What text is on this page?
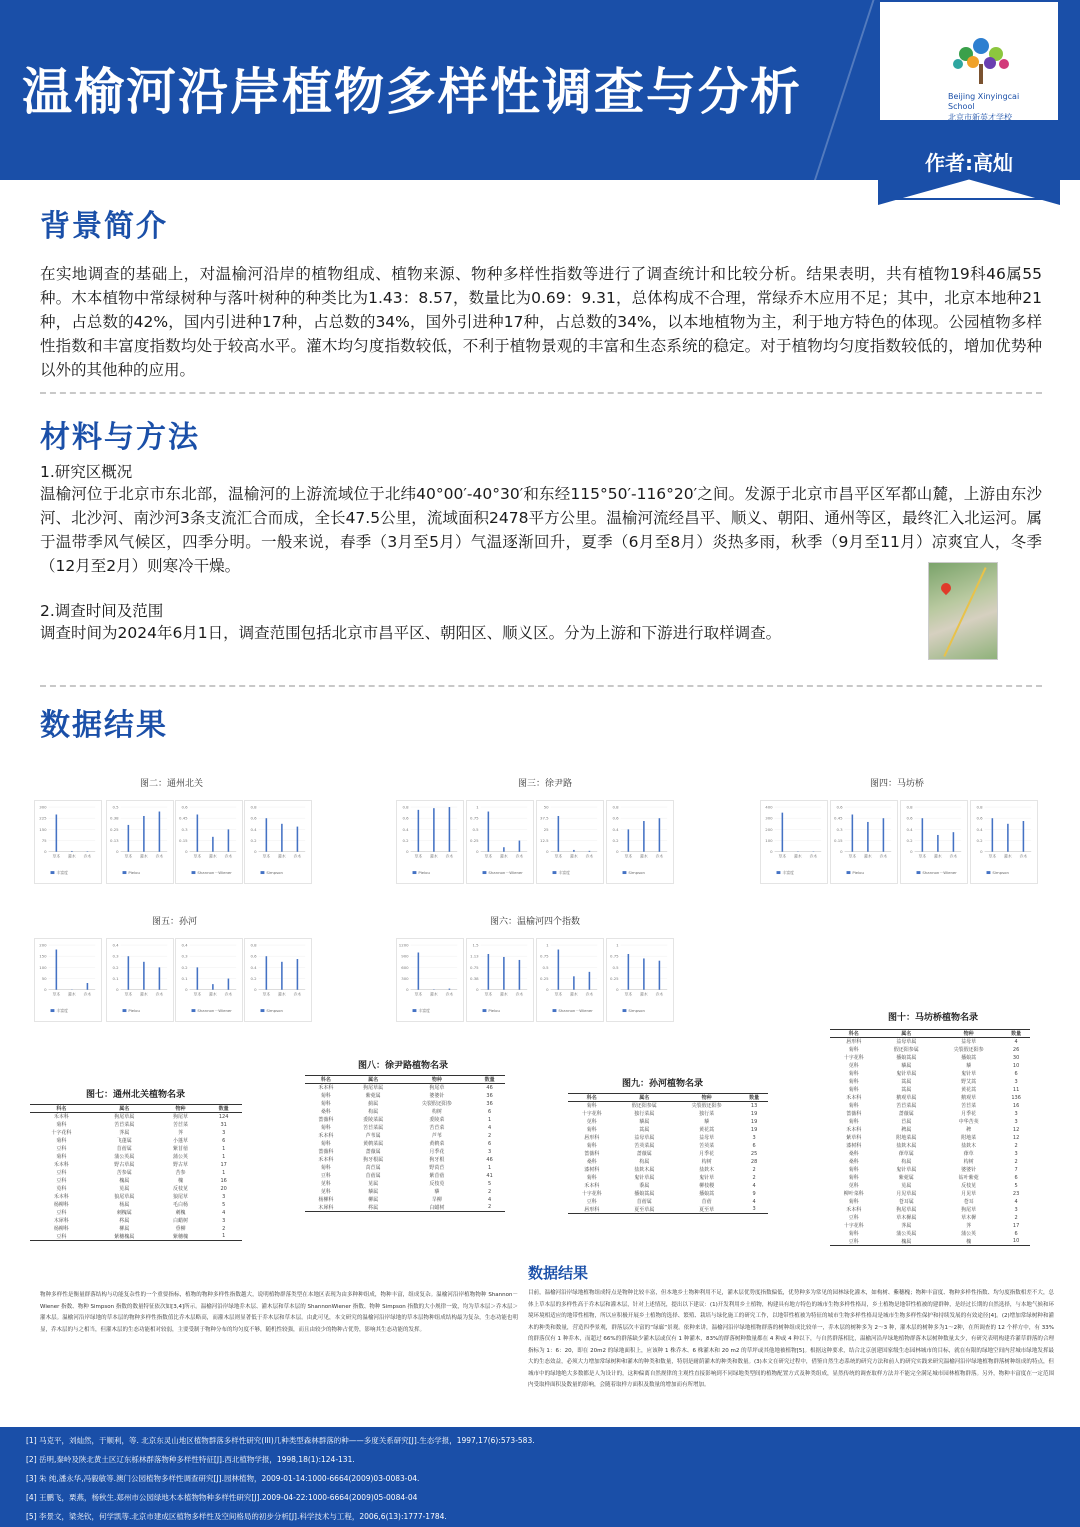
温榆河沿岸植物多样性调查与分析	Beijing Xinyingcai School
北京市新英才学校
作者:高灿
背景简介
在实地调查的基础上，对温榆河沿岸的植物组成、植物来源、物种多样性指数等进行了调查统计和比较分析。结果表明，共有植物19科46属55种。木本植物中常绿树种与落叶树种的种类比为1.43：8.57，数量比为0.69：9.31，总体构成不合理，常绿乔木应用不足；其中，北京本地种21种，占总数的42%，国内引进种17种，占总数的34%，国外引进种17种，占总数的34%，以本地植物为主，利于地方特色的体现。公园植物多样性指数和丰富度指数均处于较高水平。灌木均匀度指数较低，不利于植物景观的丰富和生态系统的稳定。对于植物均匀度指数较低的，增加优势种以外的其他种的应用。
材料与方法
1.研究区概况
温榆河位于北京市东北部，温榆河的上游流域位于北纬40°00′-40°30′和东经115°50′-116°20′之间。发源于北京市昌平区军都山麓，上游由东沙河、北沙河、南沙河3条支流汇合而成，全长47.5公里，流域面积2478平方公里。温榆河流经昌平、顺义、朝阳、通州等区，最终汇入北运河。属于温带季风气候区，四季分明。一般来说，春季（3月至5月）气温逐渐回升，夏季（6月至8月）炎热多雨，秋季（9月至11月）凉爽宜人，冬季（12月至2月）则寒冷干燥。
2.调查时间及范围
调查时间为2024年6月1日，调查范围包括北京市昌平区、朝阳区、顺义区。分为上游和下游进行取样调查。
数据结果
图二：通州北关	图三：徐尹路	图四：马坊桥
图五：孙河	图六：温榆河四个指数
0
75
150
225
300
草本 灌木 乔木
丰富度
0
0.13
0.25
0.38
0.5
草本 灌木 乔木
Pielou
0
0.15
0.3
0.45
0.6
草本 灌木 乔木
Shannon－Wiener
0
0.2
0.4
0.6
0.8
草本 灌木 乔木
Simpson
0
0.2
0.4
0.6
0.8
草本 灌木 乔木
Pielou
0
0.25
0.5
0.75
1
草本 灌木 乔木
Shannon－Wiener
0
12.5
25
37.5
50
草本 灌木 乔木
丰富度
0
0.2
0.4
0.6
0.8
草本 灌木 乔木
Simpson
0
100
200
300
400
草本 灌木 乔木
丰富度
0
0.15
0.3
0.45
0.6
草本 灌木 乔木
Pielou
0
0.2
0.4
0.6
0.8
草本 灌木 乔木
Shannon－Wiener
0
0.2
0.4
0.6
0.8
草本 灌木 乔木
Simpson
0
50
100
150
200
草本 灌木 乔木
丰富度
0
0.1
0.2
0.3
0.4
草本 灌木 乔木
Pielou
0
0.1
0.2
0.3
0.4
草本 灌木 乔木
Shannon－Wiener
0
0.2
0.4
0.6
0.8
草本 灌木 乔木
Simpson
0
300
600
900
1200
草本 灌木 乔木
丰富度
0
0.38
0.75
1.13
1.5
草本 灌木 乔木
Pielou
0
0.25
0.5
0.75
1
草本 灌木 乔木
Shannon－Wiener
0
0.25
0.5
0.75
1
草本 灌木 乔木
Simpson
图七：通州北关植物名录
科名	属名	物种	数量
禾本科	狗尾草属	狗尾草	124
菊科	苦苣菜属	苦苣菜	31
十字花科	荠属	荠	3
菊科	飞蓬属	小蓬草	6
豆科	苜蓿属	紫苜蓿	1
菊科	蒲公英属	蒲公英	1
禾本科	野古草属	野古草	17
豆科	苦参属	苦参	1
豆科	槐属	槐	16
苋科	苋属	反枝苋	20
禾本科	狼尾草属	狼尾草	3
杨柳科	杨属	毛白杨	5
豆科	刺槐属	刺槐	4
木犀科	梣属	白蜡树	3
杨柳科	柳属	垂柳	2
豆科	紫穗槐属	紫穗槐	1
图八：徐尹路植物名录
科名	属名	物种	数量
禾本科	狗尾草属	狗尾草	46
菊科	紫菀属	婆婆针	36
菊科	蓟属	尖裂假还阳参	36
桑科	构属	构树	6
蔷薇科	委陵菜属	委陵菜	1
菊科	苦苣菜属	苦苣菜	4
禾本科	芦苇属	芦苇	2
菊科	黄鹌菜属	黄鹌菜	6
蔷薇科	蔷薇属	月季花	3
禾本科	狗牙根属	狗牙根	46
菊科	莴苣属	野莴苣	1
豆科	苜蓿属	紫苜蓿	41
苋科	苋属	反枝苋	5
苋科	藜属	藜	2
杨柳科	柳属	旱柳	4
木犀科	梣属	白蜡树	2
图九：孙河植物名录
科名	属名	物种	数量
菊科	假还阳参属	尖裂假还阳参	13
十字花科	独行菜属	独行菜	19
苋科	藜属	藜	19
菊科	蒿属	黄花蒿	19
唇形科	益母草属	益母草	3
菊科	苦荬菜属	苦荬菜	6
蔷薇科	蔷薇属	月季花	25
桑科	构属	构树	28
漆树科	盐麸木属	盐麸木	2
菊科	鬼针草属	鬼针草	2
禾本科	黍属	柳枝稷	4
十字花科	播娘蒿属	播娘蒿	9
豆科	苜蓿属	苜蓿	4
唇形科	夏至草属	夏至草	3
图十：马坊桥植物名录
科名	属名	物种	数量
唇形科	益母草属	益母草	4
菊科	假还阳参属	尖裂假还阳参	26
十字花科	播娘蒿属	播娘蒿	30
苋科	藜属	藜	10
菊科	鬼针草属	鬼针草	6
菊科	蒿属	野艾蒿	3
菊科	蒿属	黄花蒿	11
禾本科	鹅观草属	鹅观草	136
菊科	苦苣菜属	苦苣菜	16
蔷薇科	蔷薇属	月季花	3
菊科	苣属	中华苦荬	3
禾本科	稗属	稗	12
紫草科	附地菜属	附地菜	12
漆树科	盐麸木属	盐麸木	2
桑科	葎草属	葎草	3
桑科	构属	构树	2
菊科	鬼针草属	婆婆针	7
菊科	紫菀属	钻叶紫菀	6
苋科	苋属	反枝苋	5
柳叶菜科	月见草属	月见草	23
菊科	苍耳属	苍耳	4
禾本科	狗尾草属	狗尾草	3
豆科	草木樨属	草木樨	2
十字花科	荠属	荠	17
菊科	蒲公英属	蒲公英	6
豆科	槐属	槐	10
数据结果
物种多样性是衡量群落结构与功能复杂性的一个重要指标，植物的物种多样性指数越大，说明植物群落类型在本地区表现为由多种种组成，物种丰富，组成复杂。温榆河沿岸植物物种 Shannon－Wiener 指数、物种 Simpson 指数的数量特征依次如[3,4]所示。温榆河沿岸绿地乔木层、灌木层和草本层的 ShannonWiener 指数、物种 Simpson 指数的大小规律一致，均为草本层＞乔木层＞灌木层。温榆河沿岸绿地的草本层的物种多样性指数值比乔木层略高，而灌木层则显著低于乔木层和草本层。由此可见，本文研究的温榆河沿岸绿地的草本层物种组成结构最为复杂，生态功能也明显，乔木层的与之相当，但灌木层的生态功能相对较弱，主要受制于物种分布的均匀度不够，随机性较强，而且由较少的物种占优势，影响其生态功能的发挥。
目前，温榆河沿岸绿地植物组成特点是物种比较丰富，但本地乡土物种利用不足，灌木层优势度指数偏低，优势种多为常见的园林绿化灌木，如构树、紫穗槐；物种丰富度、物种多样性指数、均匀度指数相差不大，总体上草本层的多样性高于乔木层和灌木层，针对上述情况，提出以下建议：(1)开发利用乡土植物，构建具有地方特色的城市生物多样性格局，乡土植物是地带性植被的建群种，是经过长期的自然选择，与本地气候和环境环境相适应的地带性植物，所以应积极开展乡土植物的选择、繁殖、栽培与绿化施工的研究工作，以地带性植被为特征的城市生物多样性格局是城市生物多样性保护和持续发展的有效途径[4]。(2)增加常绿树种和灌木的种类和数量，营造四季景观，群落层次丰富的“绿廊”景观。依种来讲，温榆河沿岸绿地植物群落的树种组成比较单一，乔木层的树种多为 2～3 种，灌木层的树种多为1～2种，在所调查的 12 个样方中，有 33%的群落仅有 1 种乔木，而超过 66%的群落缺少灌木层或仅有 1 种灌木，83%的群落树种数量都在 4 种或 4 种以下，与自然群落相比，温榆河沿岸绿地植物群落木层树种数量太少，有研究表明构建乔灌草群落的合理指标为 1：6：20，即在 20m2 的绿地面积上，应该种 1 株乔木、6 株灌木和 20 m2 的草坪或其他地被植物[5]。根据这种要求，结合北京创建国家级生态园林城市的目标，就在有限的绿地空间内营城市绿地发挥最大的生态效益，必须大力增加常绿树种和灌木的种类和数量，特别是耐荫灌木的种类和数量。(3)本文在研究过程中，借鉴自然生态系统的研究方法和前人的研究实践来研究温榆河沿岸绿地植物群落树种组成的特点，但城市中的绿地绝大多数都是人为设计的，这种偏离自然规律的主观性直接影响到不同绿地类型间的植物配置方式及种类组成，显然传统的调查取样方法并不能完全满足城市园林植物群落。另外，物种丰富度在一定范围内受取样面积及数量的影响，会随着取样方面积及数量的增加而有所增加。
[1] 马克平，刘灿然，于顺利，等. 北京东灵山地区植物群落多样性研究(III)几种类型森林群落的种——多度关系研究[J].生态学报，1997,17(6):573-583.
[2] 岳明,秦岭及陕北黄土区辽东栎林群落物种多样性特征[J].西北植物学报，1998,18(1):124-131.
[3] 朱 纯,潘永华,冯毅敏等.澳门公园植物多样性调查研究[J].园林植物，2009-01-14:1000-6664(2009)03-0083-04.
[4] 王鹏飞，栗燕，杨秋生.郑州市公园绿地木本植物物种多样性研究[J].2009-04-22:1000-6664(2009)05-0084-04
[5] 李景文，梁尧钦，何学凯等.北京市建成区植物多样性及空间格局的初步分析[J].科学技术与工程，2006,6(13):1777-1784.
